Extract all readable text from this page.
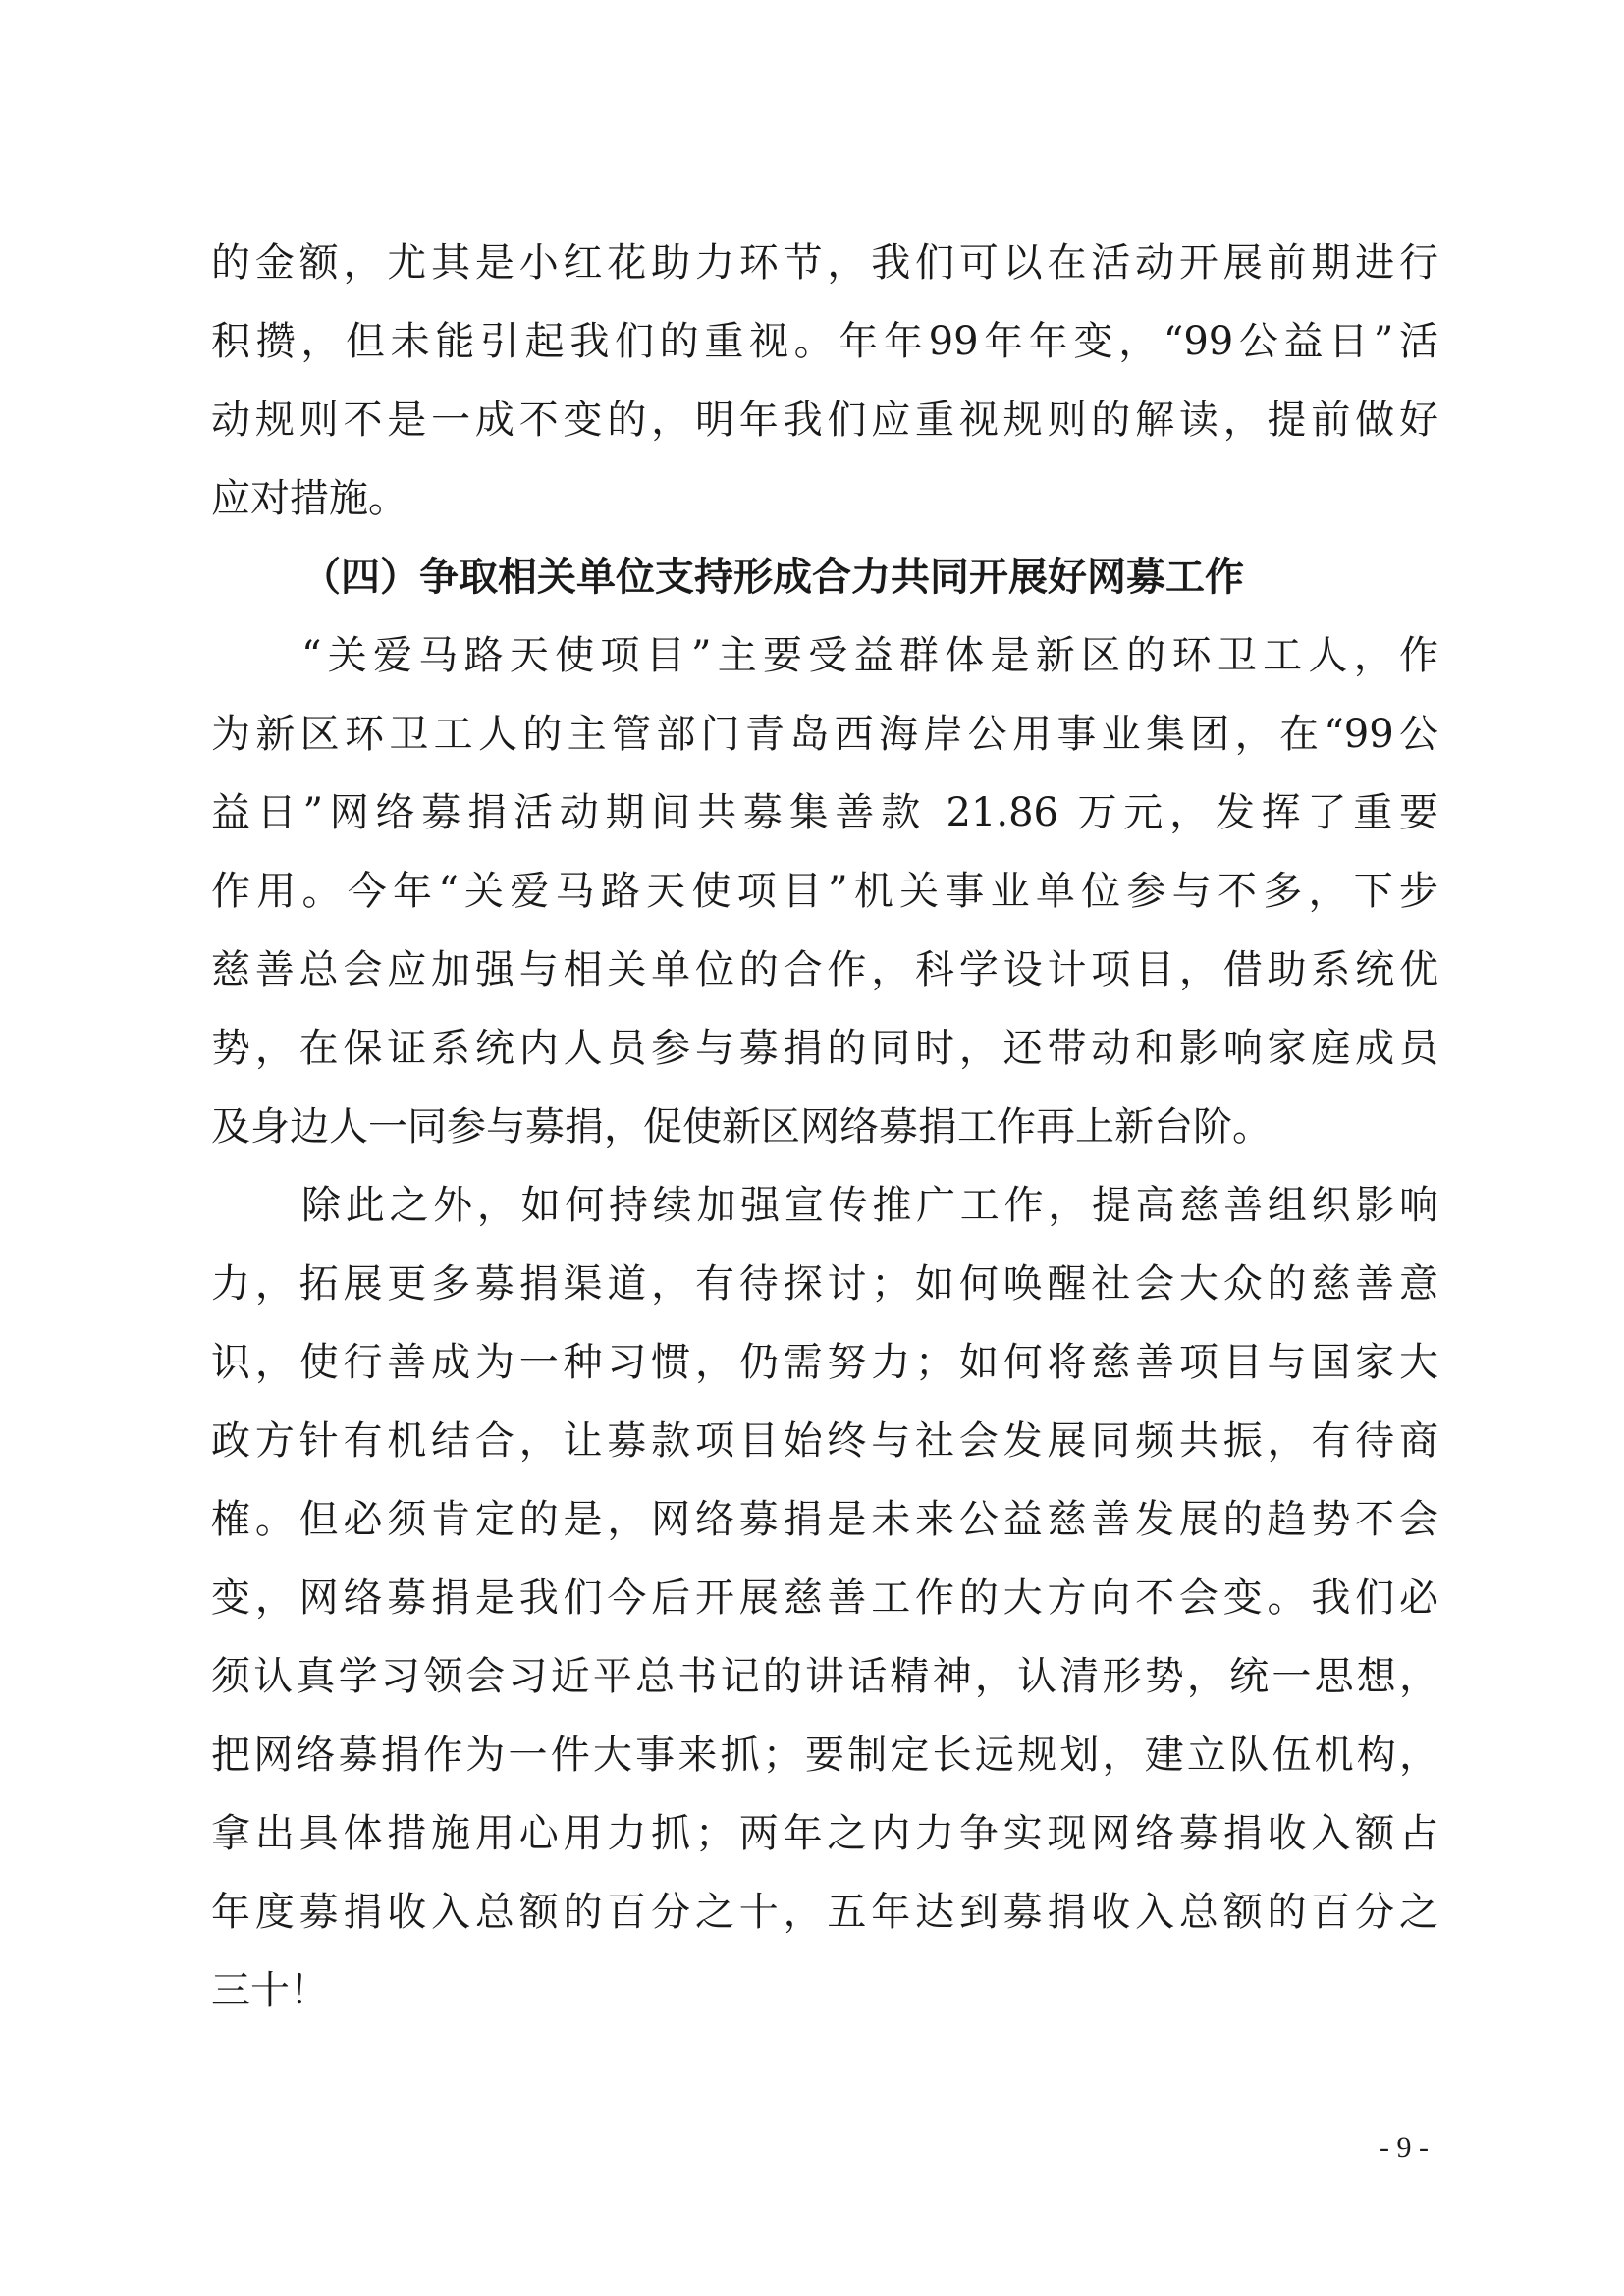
的金额，尤其是小红花助力环节，我们可以在活动开展前期进行
积攒，但未能引起我们的重视。年年99年年变，“99公益日”活
动规则不是一成不变的，明年我们应重视规则的解读，提前做好
应对措施。
（四）争取相关单位支持形成合力共同开展好网募工作
“关爱马路天使项目”主要受益群体是新区的环卫工人，作
为新区环卫工人的主管部门青岛西海岸公用事业集团，在“99公
益日”网络募捐活动期间共募集善款 21.86 万元，发挥了重要
作用。今年“关爱马路天使项目”机关事业单位参与不多，下步
慈善总会应加强与相关单位的合作，科学设计项目，借助系统优
势，在保证系统内人员参与募捐的同时，还带动和影响家庭成员
及身边人一同参与募捐，促使新区网络募捐工作再上新台阶。
除此之外，如何持续加强宣传推广工作，提高慈善组织影响
力，拓展更多募捐渠道，有待探讨；如何唤醒社会大众的慈善意
识，使行善成为一种习惯，仍需努力；如何将慈善项目与国家大
政方针有机结合，让募款项目始终与社会发展同频共振，有待商
榷。但必须肯定的是，网络募捐是未来公益慈善发展的趋势不会
变，网络募捐是我们今后开展慈善工作的大方向不会变。我们必
须认真学习领会习近平总书记的讲话精神，认清形势，统一思想，
把网络募捐作为一件大事来抓；要制定长远规划，建立队伍机构，
拿出具体措施用心用力抓；两年之内力争实现网络募捐收入额占
年度募捐收入总额的百分之十，五年达到募捐收入总额的百分之
三十！
- 9 -
